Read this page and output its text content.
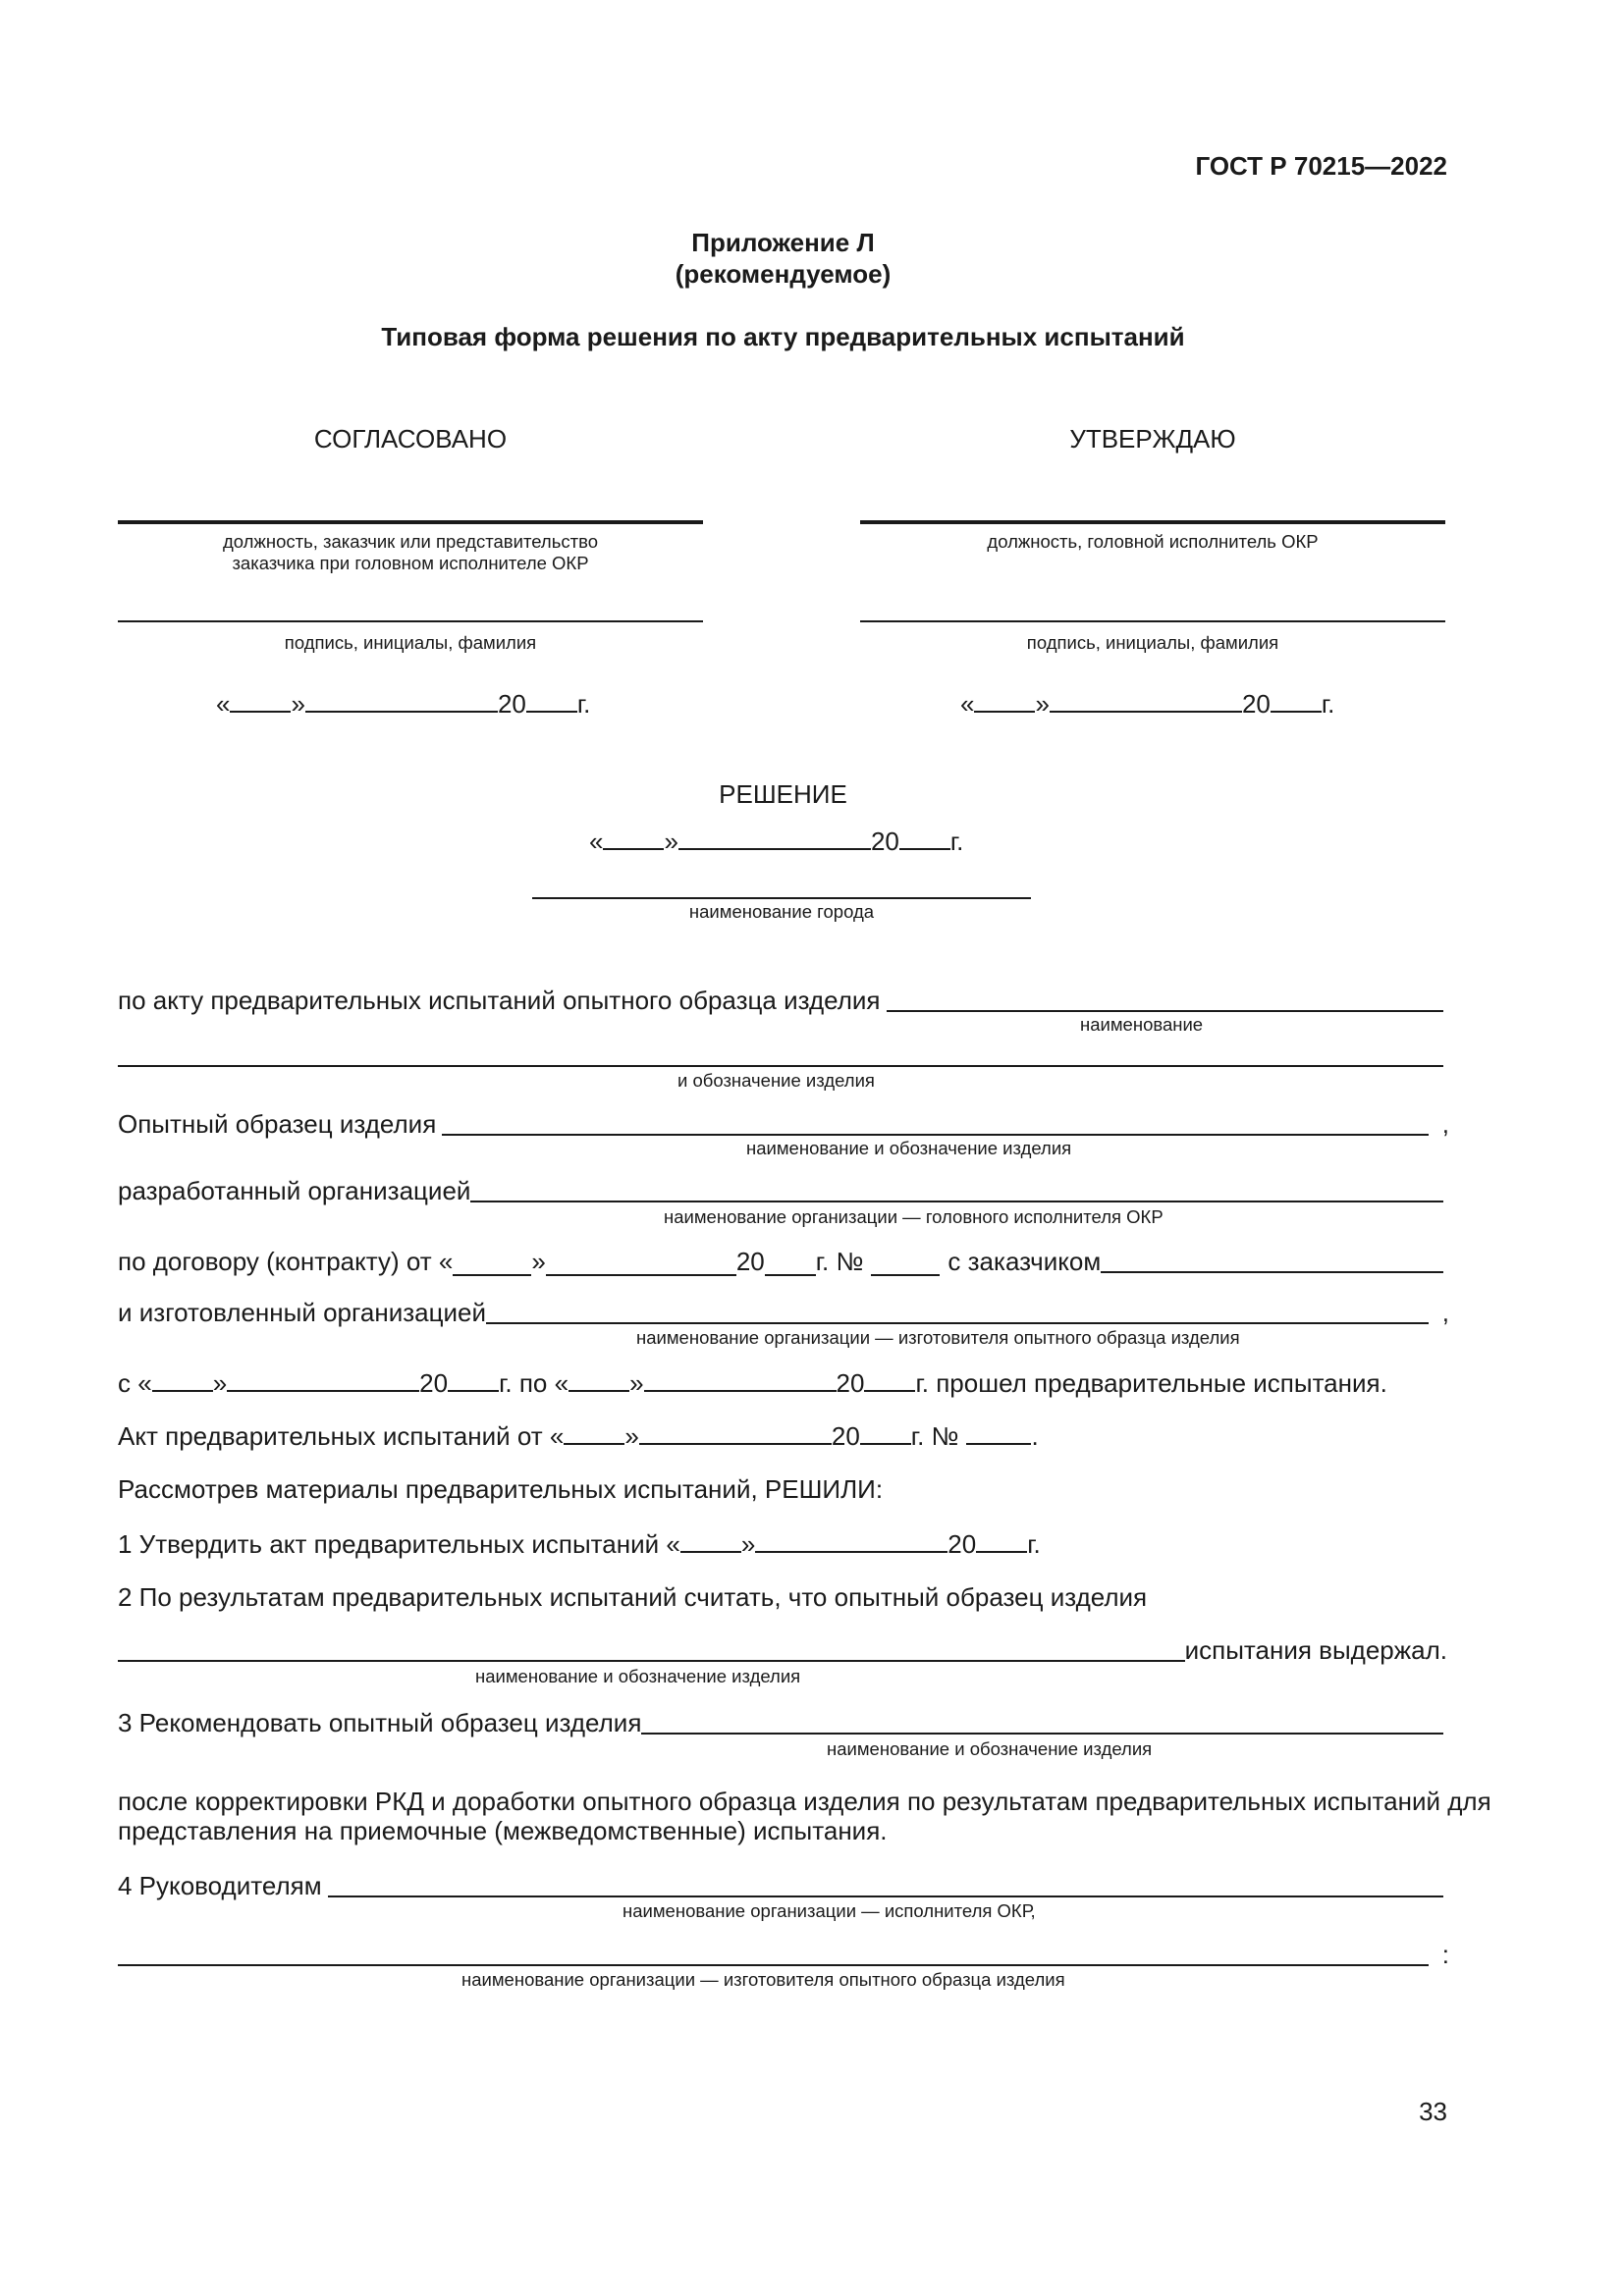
ГОСТ Р 70215—2022
Приложение Л
(рекомендуемое)
Типовая форма решения по акту предварительных испытаний
СОГЛАСОВАНО
должность, заказчик или представительство
заказчика при головном исполнителе ОКР
подпись, инициалы, фамилия
« »	20 г.
УТВЕРЖДАЮ
должность, головной исполнитель ОКР
подпись, инициалы, фамилия
« »	20 г.
РЕШЕНИЕ
« »	20 г.
наименование города
по акту предварительных испытаний опытного образца изделия
наименование
и обозначение изделия
Опытный образец изделия	,
наименование и обозначение изделия
разработанный организацией
наименование организации — головного исполнителя ОКР
по договору (контракту) от «	»	20 г. №	с заказчиком
и изготовленный организацией	,
наименование организации — изготовителя опытного образца изделия
с « »	20 г. по « »	20 г. прошел предварительные испытания.
Акт предварительных испытаний от « »	20 г. №	.
Рассмотрев материалы предварительных испытаний, РЕШИЛИ:
1 Утвердить акт предварительных испытаний « »	20 г.
2 По результатам предварительных испытаний считать, что опытный образец изделия
испытания выдержал.
наименование и обозначение изделия
3 Рекомендовать опытный образец изделия
наименование и обозначение изделия
после корректировки РКД и доработки опытного образца изделия по результатам предварительных испытаний для
представления на приемочные (межведомственные) испытания.
4 Руководителям
наименование организации — исполнителя ОКР,
:
наименование организации — изготовителя опытного образца изделия
33
